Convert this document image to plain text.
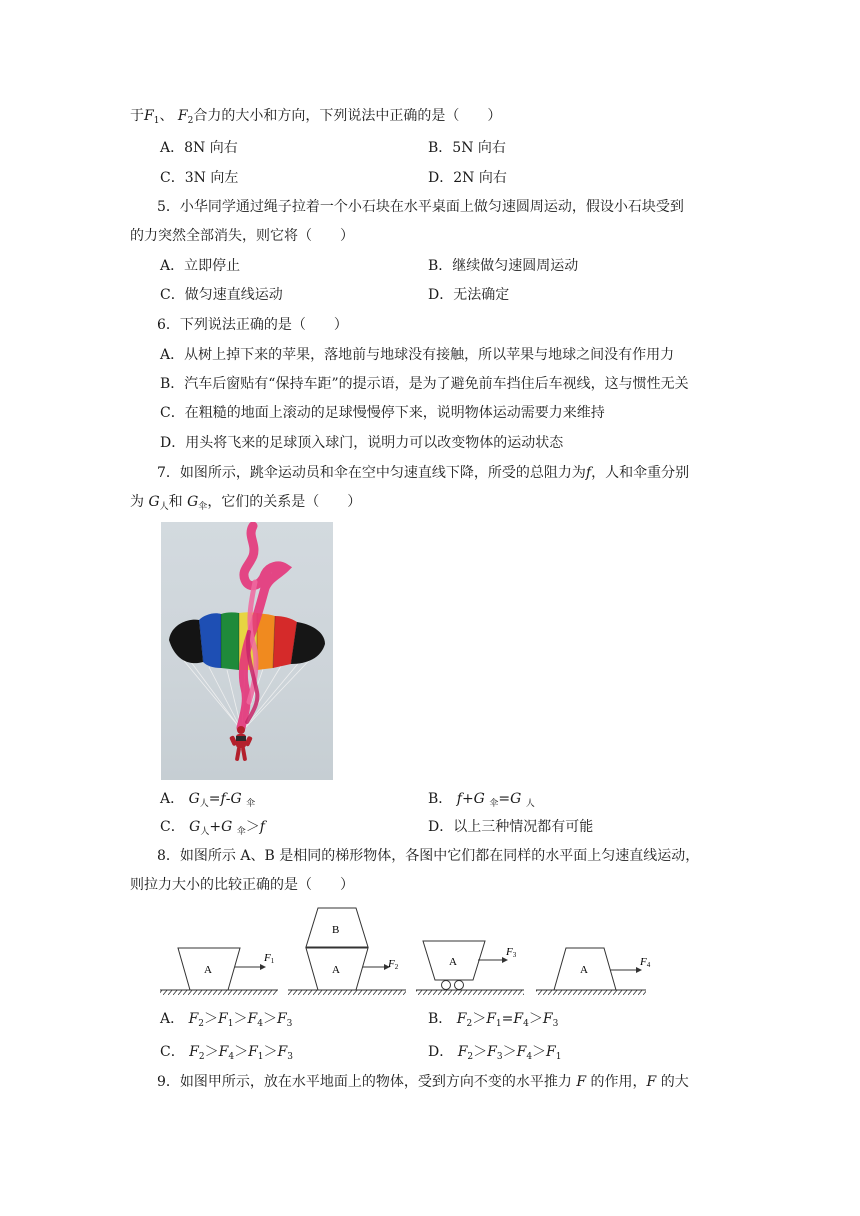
于$F_1$、 $F_2$合力的大小和方向，下列说法中正确的是（　　）
A．8N 向右	B．5N 向右
C．3N 向左	D．2N 向右
5．小华同学通过绳子拉着一个小石块在水平桌面上做匀速圆周运动，假设小石块受到
的力突然全部消失，则它将（　　）
A．立即停止	B．继续做匀速圆周运动
C．做匀速直线运动	D．无法确定
6．下列说法正确的是（　　）
A．从树上掉下来的苹果，落地前与地球没有接触，所以苹果与地球之间没有作用力
B．汽车后窗贴有“保持车距”的提示语，是为了避免前车挡住后车视线，这与惯性无关
C．在粗糙的地面上滚动的足球慢慢停下来，说明物体运动需要力来维持
D．用头将飞来的足球顶入球门，说明力可以改变物体的运动状态
7．如图所示，跳伞运动员和伞在空中匀速直线下降，所受的总阻力为f，人和伞重分别
为 $G_人$和 $G_伞$，它们的关系是（　　）
A． $G_人=f-G$ $_伞$	B． f+G $_伞$=G $_人$
C． $G_人+G$ $_伞$＞f	D．以上三种情况都有可能
8．如图所示 A、B 是相同的梯形物体，各图中它们都在同样的水平面上匀速直线运动，
则拉力大小的比较正确的是（　　）
A
F1
B
A	F2	A
F3
A
F4
A． $F_2>F_1>F_4>F_3$	B． $F_2>F_1=F_4>F_3$
C． $F_2>F_4>F_1>F_3$	D． $F_2>F_3>F_4>F_1$
9．如图甲所示，放在水平地面上的物体，受到方向不变的水平推力 F 的作用，F 的大
